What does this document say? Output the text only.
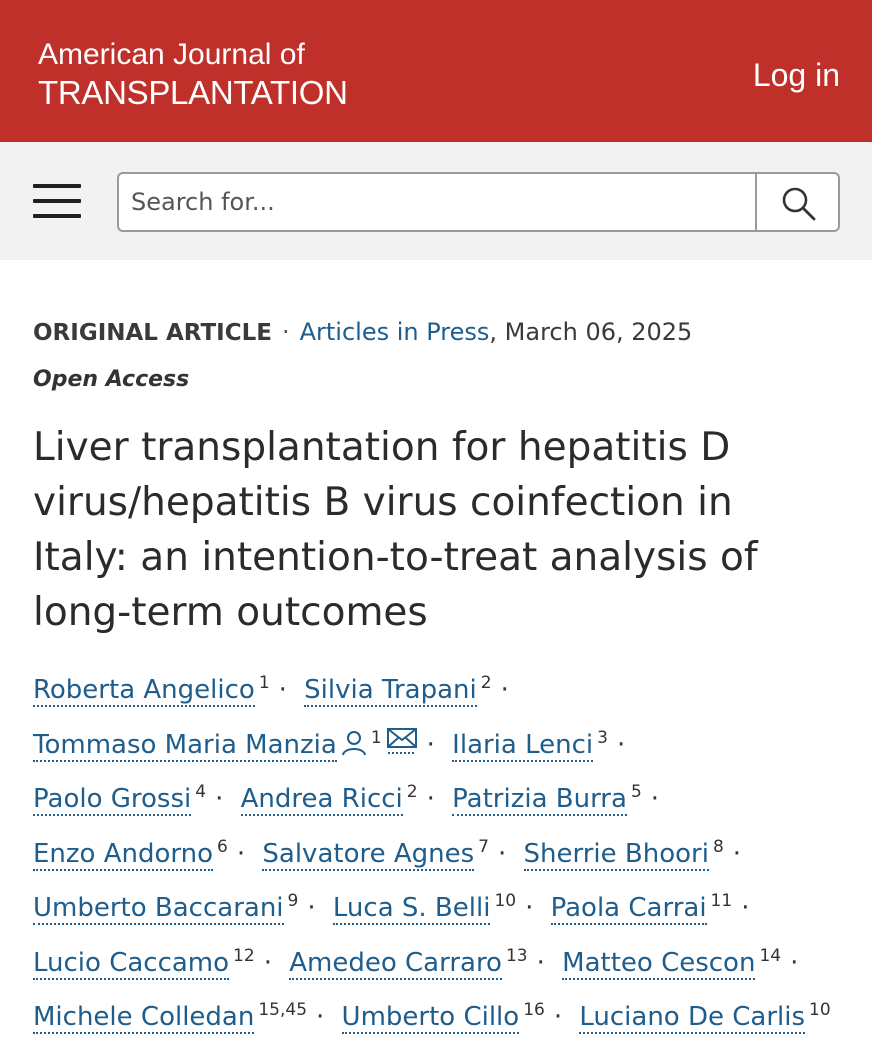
American Journal of
TRANSPLANTATION	Log in
Search for...
ORIGINAL ARTICLE · Articles in Press, March 06, 2025
Open Access
Liver transplantation for hepatitis D virus/hepatitis B virus coinfection in Italy: an intention-to-treat analysis of long-term outcomes
Roberta Angelico $^1$ · Silvia Trapani $^2$ ·
Tommaso Maria Manzia $^1$ · Ilaria Lenci $^3$ ·
Paolo Grossi $^4$ · Andrea Ricci $^2$ · Patrizia Burra $^5$ ·
Enzo Andorno $^6$ · Salvatore Agnes $^7$ · Sherrie Bhoori $^8$ ·
Umberto Baccarani $^9$ · Luca S. Belli $^{10}$ · Paola Carrai $^{11}$ ·
Lucio Caccamo $^{12}$ · Amedeo Carraro $^{13}$ · Matteo Cescon $^{14}$ ·
Michele Colledan $^{15,45}$ · Umberto Cillo $^{16}$ · Luciano De Carlis $^{10}$
